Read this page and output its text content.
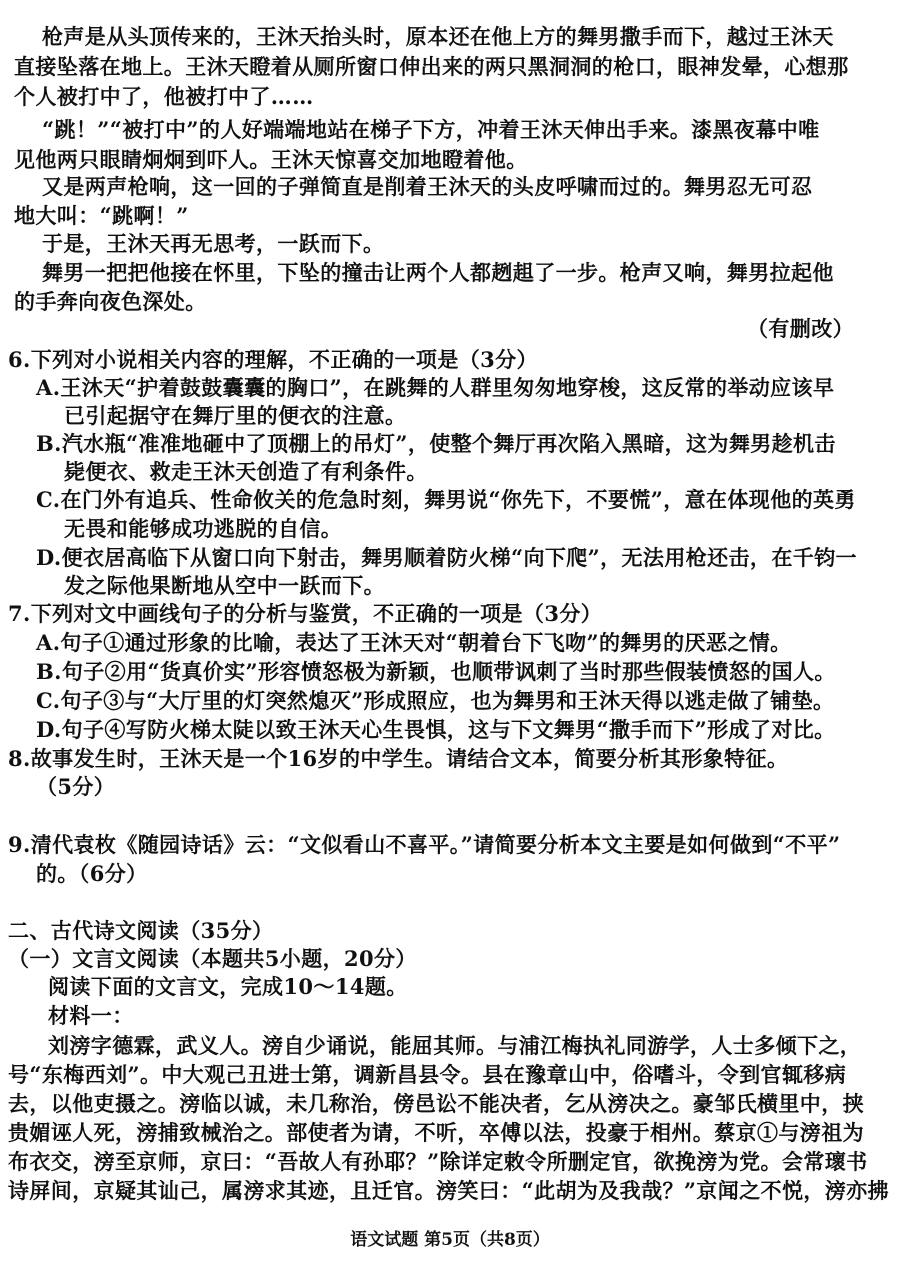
枪声是从头顶传来的，王沐天抬头时，原本还在他上方的舞男撒手而下，越过王沐天
直接坠落在地上。王沐天瞪着从厕所窗口伸出来的两只黑洞洞的枪口，眼神发晕，心想那
个人被打中了，他被打中了……
“跳！”“被打中”的人好端端地站在梯子下方，冲着王沐天伸出手来。漆黑夜幕中唯
见他两只眼睛炯炯到吓人。王沐天惊喜交加地瞪着他。
又是两声枪响，这一回的子弹简直是削着王沐天的头皮呼啸而过的。舞男忍无可忍
地大叫：“跳啊！”
于是，王沐天再无思考，一跃而下。
舞男一把把他接在怀里，下坠的撞击让两个人都趔趄了一步。枪声又响，舞男拉起他
的手奔向夜色深处。
（有删改）
6.下列对小说相关内容的理解，不正确的一项是（3分）
A.王沐天“护着鼓鼓囊囊的胸口”，在跳舞的人群里匆匆地穿梭，这反常的举动应该早
已引起据守在舞厅里的便衣的注意。
B.汽水瓶“准准地砸中了顶棚上的吊灯”，使整个舞厅再次陷入黑暗，这为舞男趁机击
毙便衣、救走王沐天创造了有利条件。
C.在门外有追兵、性命攸关的危急时刻，舞男说“你先下，不要慌”，意在体现他的英勇
无畏和能够成功逃脱的自信。
D.便衣居高临下从窗口向下射击，舞男顺着防火梯“向下爬”，无法用枪还击，在千钧一
发之际他果断地从空中一跃而下。
7.下列对文中画线句子的分析与鉴赏，不正确的一项是（3分）
A.句子①通过形象的比喻，表达了王沐天对“朝着台下飞吻”的舞男的厌恶之情。
B.句子②用“货真价实”形容愤怒极为新颖，也顺带讽刺了当时那些假装愤怒的国人。
C.句子③与“大厅里的灯突然熄灭”形成照应，也为舞男和王沐天得以逃走做了铺垫。
D.句子④写防火梯太陡以致王沐天心生畏惧，这与下文舞男“撒手而下”形成了对比。
8.故事发生时，王沐天是一个16岁的中学生。请结合文本，简要分析其形象特征。
（5分）
9.清代袁枚《随园诗话》云：“文似看山不喜平。”请简要分析本文主要是如何做到“不平”
的。（6分）
二、古代诗文阅读（35分）
（一）文言文阅读（本题共5小题，20分）
阅读下面的文言文，完成10～14题。
材料一：
刘滂字德霖，武义人。滂自少诵说，能屈其师。与浦江梅执礼同游学，人士多倾下之，
号“东梅西刘”。中大观己丑进士第，调新昌县令。县在豫章山中，俗嗜斗，令到官辄移病
去，以他吏摄之。滂临以诚，未几称治，傍邑讼不能决者，乞从滂决之。豪邹氏横里中，挟
贵媚诬人死，滂捕致械治之。部使者为请，不听，卒傅以法，投豪于相州。蔡京①与滂祖为
布衣交，滂至京师，京曰：“吾故人有孙耶？”除详定敕令所删定官，欲挽滂为党。会常瓌书
诗屏间，京疑其讪己，属滂求其迹，且迁官。滂笑曰：“此胡为及我哉？”京闻之不悦，滂亦拂
语文试题 第5页（共8页）
